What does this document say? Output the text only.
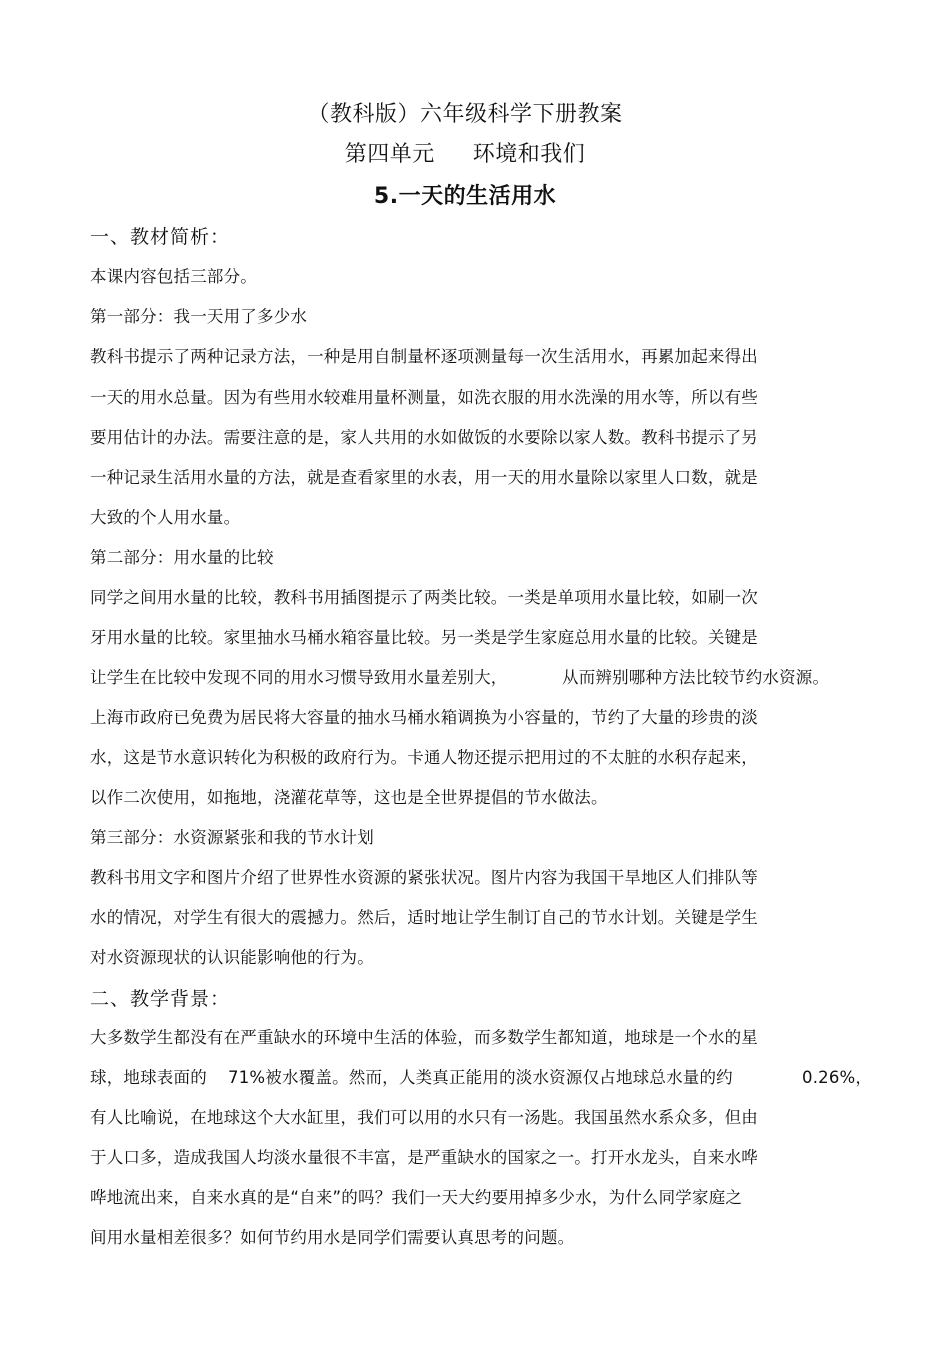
（教科版）六年级科学下册教案
第四单元 环境和我们
5.一天的生活用水
一、教材简析：
本课内容包括三部分。
第一部分：我一天用了多少水
教科书提示了两种记录方法，一种是用自制量杯逐项测量每一次生活用水，再累加起来得出
一天的用水总量。因为有些用水较难用量杯测量，如洗衣服的用水洗澡的用水等，所以有些
要用估计的办法。需要注意的是，家人共用的水如做饭的水要除以家人数。教科书提示了另
一种记录生活用水量的方法，就是查看家里的水表，用一天的用水量除以家里人口数，就是
大致的个人用水量。
第二部分：用水量的比较
同学之间用水量的比较，教科书用插图提示了两类比较。一类是单项用水量比较，如刷一次
牙用水量的比较。家里抽水马桶水箱容量比较。另一类是学生家庭总用水量的比较。关键是
让学生在比较中发现不同的用水习惯导致用水量差别大，	从而辨别哪种方法比较节约水资源。
上海市政府已免费为居民将大容量的抽水马桶水箱调换为小容量的，节约了大量的珍贵的淡
水，这是节水意识转化为积极的政府行为。卡通人物还提示把用过的不太脏的水积存起来，
以作二次使用，如拖地，浇灌花草等，这也是全世界提倡的节水做法。
第三部分：水资源紧张和我的节水计划
教科书用文字和图片介绍了世界性水资源的紧张状况。图片内容为我国干旱地区人们排队等
水的情况，对学生有很大的震撼力。然后，适时地让学生制订自己的节水计划。关键是学生
对水资源现状的认识能影响他的行为。
二、教学背景：
大多数学生都没有在严重缺水的环境中生活的体验，而多数学生都知道，地球是一个水的星
球，地球表面的 71%被水覆盖。然而，人类真正能用的淡水资源仅占地球总水量的约	0.26%，
有人比喻说，在地球这个大水缸里，我们可以用的水只有一汤匙。我国虽然水系众多，但由
于人口多，造成我国人均淡水量很不丰富，是严重缺水的国家之一。打开水龙头，自来水哗
哗地流出来，自来水真的是“自来”的吗？我们一天大约要用掉多少水，为什么同学家庭之
间用水量相差很多？如何节约用水是同学们需要认真思考的问题。
